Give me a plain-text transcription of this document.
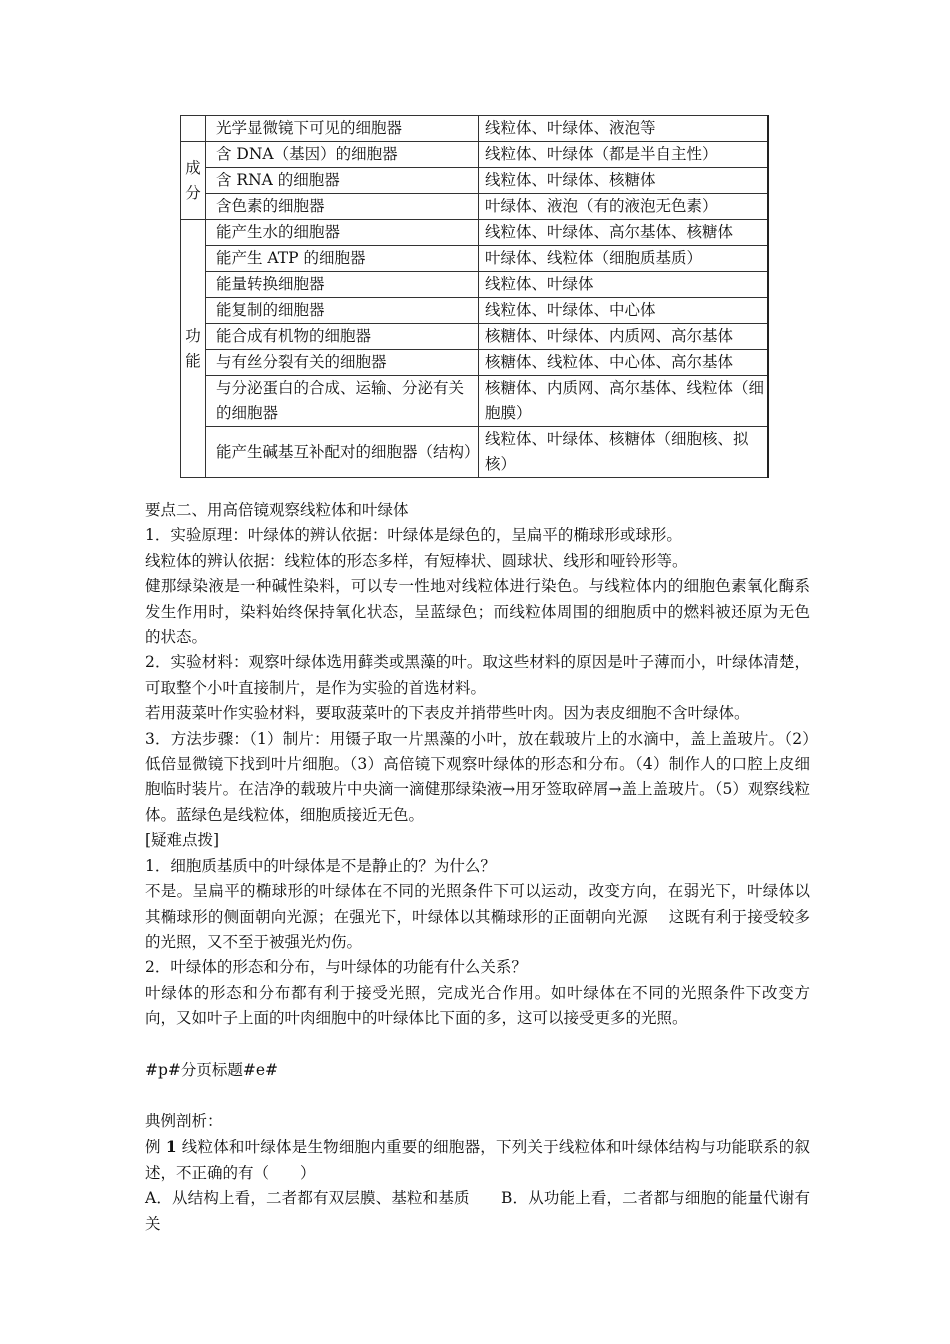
	光学显微镜下可见的细胞器	线粒体、叶绿体、液泡等

成分	含 DNA（基因）的细胞器	线粒体、叶绿体（都是半自主性）
	含 RNA 的细胞器	线粒体、叶绿体、核糖体
	含色素的细胞器	叶绿体、液泡（有的液泡无色素）

功能	能产生水的细胞器	线粒体、叶绿体、高尔基体、核糖体
	能产生 ATP 的细胞器	叶绿体、线粒体（细胞质基质）
	能量转换细胞器	线粒体、叶绿体
	能复制的细胞器	线粒体、叶绿体、中心体
	能合成有机物的细胞器	核糖体、叶绿体、内质网、高尔基体
	与有丝分裂有关的细胞器	核糖体、线粒体、中心体、高尔基体
	与分泌蛋白的合成、运输、分泌有关的细胞器	核糖体、内质网、高尔基体、线粒体（细胞膜）
	能产生碱基互补配对的细胞器（结构）	线粒体、叶绿体、核糖体（细胞核、拟核）

要点二、用高倍镜观察线粒体和叶绿体

1．实验原理：叶绿体的辨认依据：叶绿体是绿色的，呈扁平的椭球形或球形。

线粒体的辨认依据：线粒体的形态多样，有短棒状、圆球状、线形和哑铃形等。

健那绿染液是一种碱性染料，可以专一性地对线粒体进行染色。与线粒体内的细胞色素氧化酶系发生作用时，染料始终保持氧化状态，呈蓝绿色；而线粒体周围的细胞质中的燃料被还原为无色的状态。

2．实验材料：观察叶绿体选用藓类或黑藻的叶。取这些材料的原因是叶子薄而小，叶绿体清楚，可取整个小叶直接制片，是作为实验的首选材料。

若用菠菜叶作实验材料，要取菠菜叶的下表皮并捎带些叶肉。因为表皮细胞不含叶绿体。

3．方法步骤：（1）制片：用镊子取一片黑藻的小叶，放在载玻片上的水滴中，盖上盖玻片。（2）低倍显微镜下找到叶片细胞。（3）高倍镜下观察叶绿体的形态和分布。（4）制作人的口腔上皮细胞临时装片。在洁净的载玻片中央滴一滴健那绿染液→用牙签取碎屑→盖上盖玻片。（5）观察线粒体。蓝绿色是线粒体，细胞质接近无色。

[疑难点拨]

1．细胞质基质中的叶绿体是不是静止的？为什么？

不是。呈扁平的椭球形的叶绿体在不同的光照条件下可以运动，改变方向，在弱光下，叶绿体以其椭球形的侧面朝向光源；在强光下，叶绿体以其椭球形的正面朝向光源　 这既有利于接受较多的光照，又不至于被强光灼伤。

2．叶绿体的形态和分布，与叶绿体的功能有什么关系？

叶绿体的形态和分布都有利于接受光照，完成光合作用。如叶绿体在不同的光照条件下改变方向，又如叶子上面的叶肉细胞中的叶绿体比下面的多，这可以接受更多的光照。

#p#分页标题#e#

典例剖析：

例 1 线粒体和叶绿体是生物细胞内重要的细胞器，下列关于线粒体和叶绿体结构与功能联系的叙述，不正确的有（　　）

A．从结构上看，二者都有双层膜、基粒和基质　　B．从功能上看，二者都与细胞的能量代谢有关
